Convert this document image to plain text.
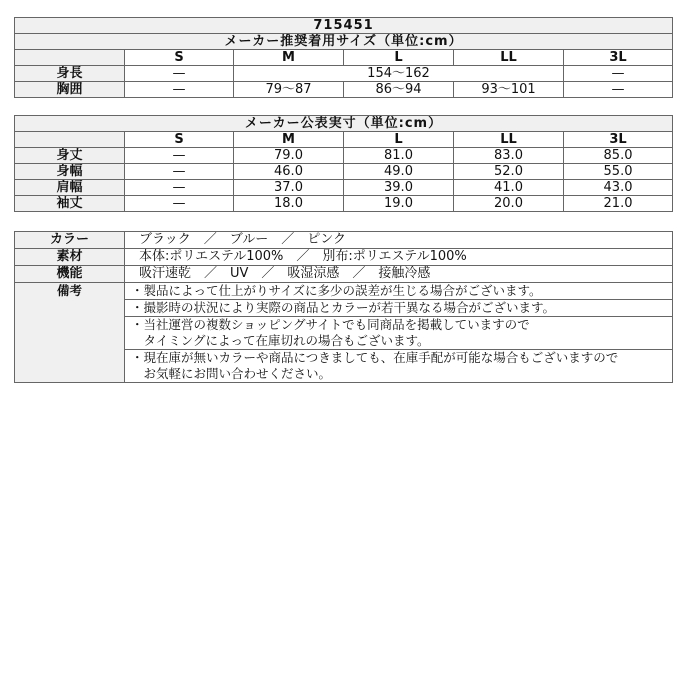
715451					
メーカー推奨着用サイズ（単位:cm）					
	S	M	L	LL	3L
身長	—	154〜162			—
胸囲	—	79〜87	86〜94	93〜101	—
メーカー公表実寸（単位:cm）					
	S	M	L	LL	3L
身丈	—	79.0	81.0	83.0	85.0
身幅	—	46.0	49.0	52.0	55.0
肩幅	—	37.0	39.0	41.0	43.0
袖丈	—	18.0	19.0	20.0	21.0
カラー	ブラック　／　ブルー　／　ピンク
素材	本体:ポリエステル100%　／　別布:ポリエステル100%
機能	吸汗速乾　／　UV　／　吸湿涼感　／　接触冷感
備考	・製品によって仕上がりサイズに多少の誤差が生じる場合がございます。
	・撮影時の状況により実際の商品とカラーが若干異なる場合がございます。
	・当社運営の複数ショッピングサイトでも同商品を掲載していますので
	　タイミングによって在庫切れの場合もございます。
	・現在庫が無いカラーや商品につきましても、在庫手配が可能な場合もございますので
	　お気軽にお問い合わせください。
